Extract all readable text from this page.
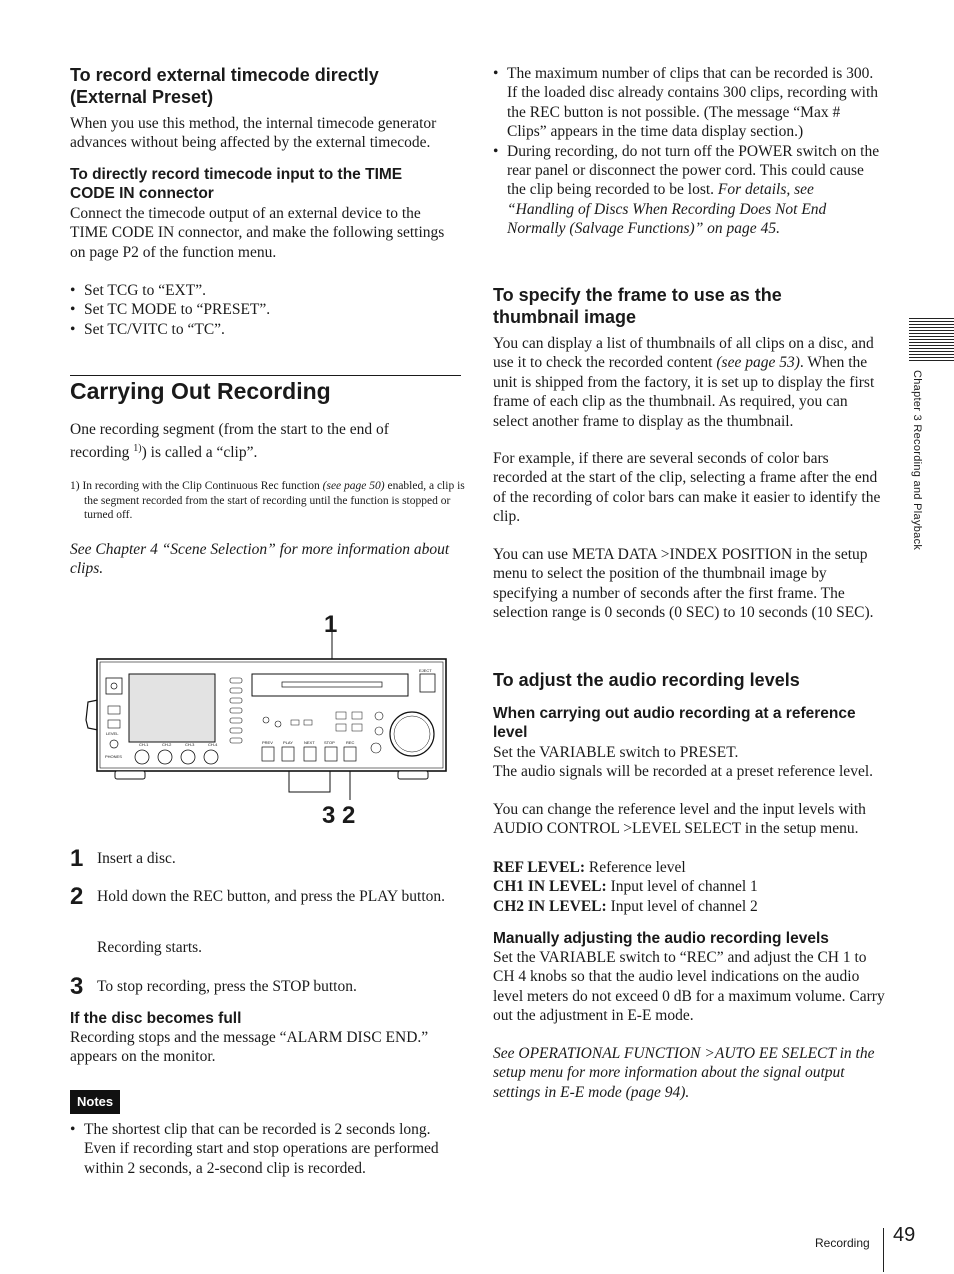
To record external timecode directly (External Preset)

When you use this method, the internal timecode generator advances without being affected by the external timecode.

To directly record timecode input to the TIME CODE IN connector

Connect the timecode output of an external device to the TIME CODE IN connector, and make the following settings on page P2 of the function menu.

• Set TCG to “EXT”.
• Set TC MODE to “PRESET”.
• Set TC/VITC to “TC”.
Carrying Out Recording

One recording segment (from the start to the end of recording $^{1)}$) is called a “clip”.

1) In recording with the Clip Continuous Rec function (see page 50) enabled, a clip is the segment recorded from the start of recording until the function is stopped or turned off.

See Chapter 4 “Scene Selection” for more information about clips.

1
3 2
LEVEL
PHONES
EJECT
PREV	PLAY	NEXT STOP	REC
CH-1	CH-2	CH-3	CH-4
1 Insert a disc.

2 Hold down the REC button, and press the PLAY button.

Recording starts.

3 To stop recording, press the STOP button.

If the disc becomes full

Recording stops and the message “ALARM DISC END.” appears on the monitor.

Notes
• The shortest clip that can be recorded is 2 seconds long. Even if recording start and stop operations are performed within 2 seconds, a 2-second clip is recorded.
• The maximum number of clips that can be recorded is 300. If the loaded disc already contains 300 clips, recording with the REC button is not possible. (The message “Max # Clips” appears in the time data display section.)
• During recording, do not turn off the POWER switch on the rear panel or disconnect the power cord. This could cause the clip being recorded to be lost. For details, see “Handling of Discs When Recording Does Not End Normally (Salvage Functions)” on page 45.
To specify the frame to use as the thumbnail image

You can display a list of thumbnails of all clips on a disc, and use it to check the recorded content (see page 53). When the unit is shipped from the factory, it is set up to display the first frame of each clip as the thumbnail. As required, you can select another frame to display as the thumbnail.

For example, if there are several seconds of color bars recorded at the start of the clip, selecting a frame after the end of the recording of color bars can make it easier to identify the clip.

You can use META DATA >INDEX POSITION in the setup menu to select the position of the thumbnail image by specifying a number of seconds after the first frame. The selection range is 0 seconds (0 SEC) to 10 seconds (10 SEC).

To adjust the audio recording levels
When carrying out audio recording at a reference level

Set the VARIABLE switch to PRESET.

The audio signals will be recorded at a preset reference level.

You can change the reference level and the input levels with AUDIO CONTROL >LEVEL SELECT in the setup menu.

REF LEVEL: Reference level

CH1 IN LEVEL: Input level of channel 1

CH2 IN LEVEL: Input level of channel 2

Manually adjusting the audio recording levels

Set the VARIABLE switch to “REC” and adjust the CH 1 to CH 4 knobs so that the audio level indications on the audio level meters do not exceed 0 dB for a maximum volume. Carry out the adjustment in E-E mode.

See OPERATIONAL FUNCTION >AUTO EE SELECT in the setup menu for more information about the signal output settings in E-E mode (page 94).

Chapter 3 Recording and Playback
Recording 49
